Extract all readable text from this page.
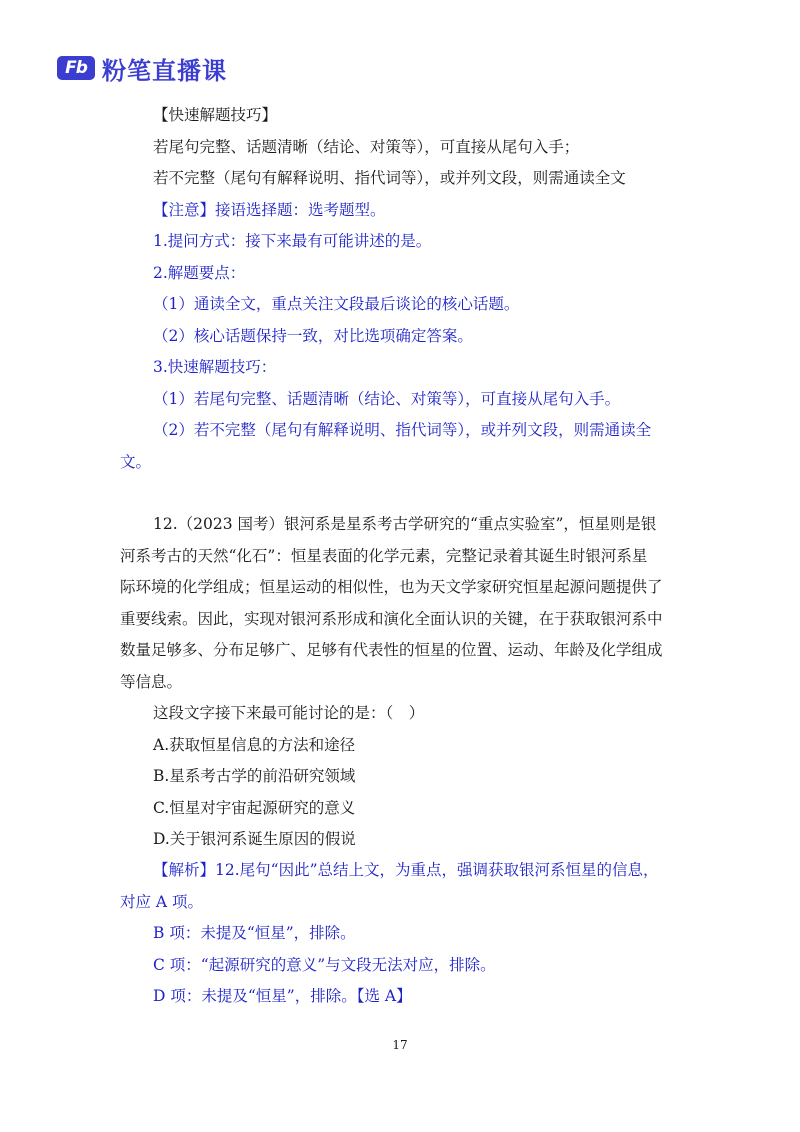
Fb 粉笔直播课
【快速解题技巧】
若尾句完整、话题清晰（结论、对策等），可直接从尾句入手；
若不完整（尾句有解释说明、指代词等），或并列文段，则需通读全文
【注意】接语选择题：选考题型。
1.提问方式：接下来最有可能讲述的是。
2.解题要点：
（1）通读全文，重点关注文段最后谈论的核心话题。
（2）核心话题保持一致，对比选项确定答案。
3.快速解题技巧：
（1）若尾句完整、话题清晰（结论、对策等），可直接从尾句入手。
（2）若不完整（尾句有解释说明、指代词等），或并列文段，则需通读全
文。
12.（2023 国考）银河系是星系考古学研究的“重点实验室”，恒星则是银
河系考古的天然“化石”：恒星表面的化学元素，完整记录着其诞生时银河系星
际环境的化学组成；恒星运动的相似性，也为天文学家研究恒星起源问题提供了
重要线索。因此，实现对银河系形成和演化全面认识的关键，在于获取银河系中
数量足够多、分布足够广、足够有代表性的恒星的位置、运动、年龄及化学组成
等信息。
这段文字接下来最可能讨论的是：（　）
A.获取恒星信息的方法和途径
B.星系考古学的前沿研究领域
C.恒星对宇宙起源研究的意义
D.关于银河系诞生原因的假说
【解析】12.尾句“因此”总结上文，为重点，强调获取银河系恒星的信息，
对应 A 项。
B 项：未提及“恒星”，排除。
C 项：“起源研究的意义”与文段无法对应，排除。
D 项：未提及“恒星”，排除。【选 A】
17
